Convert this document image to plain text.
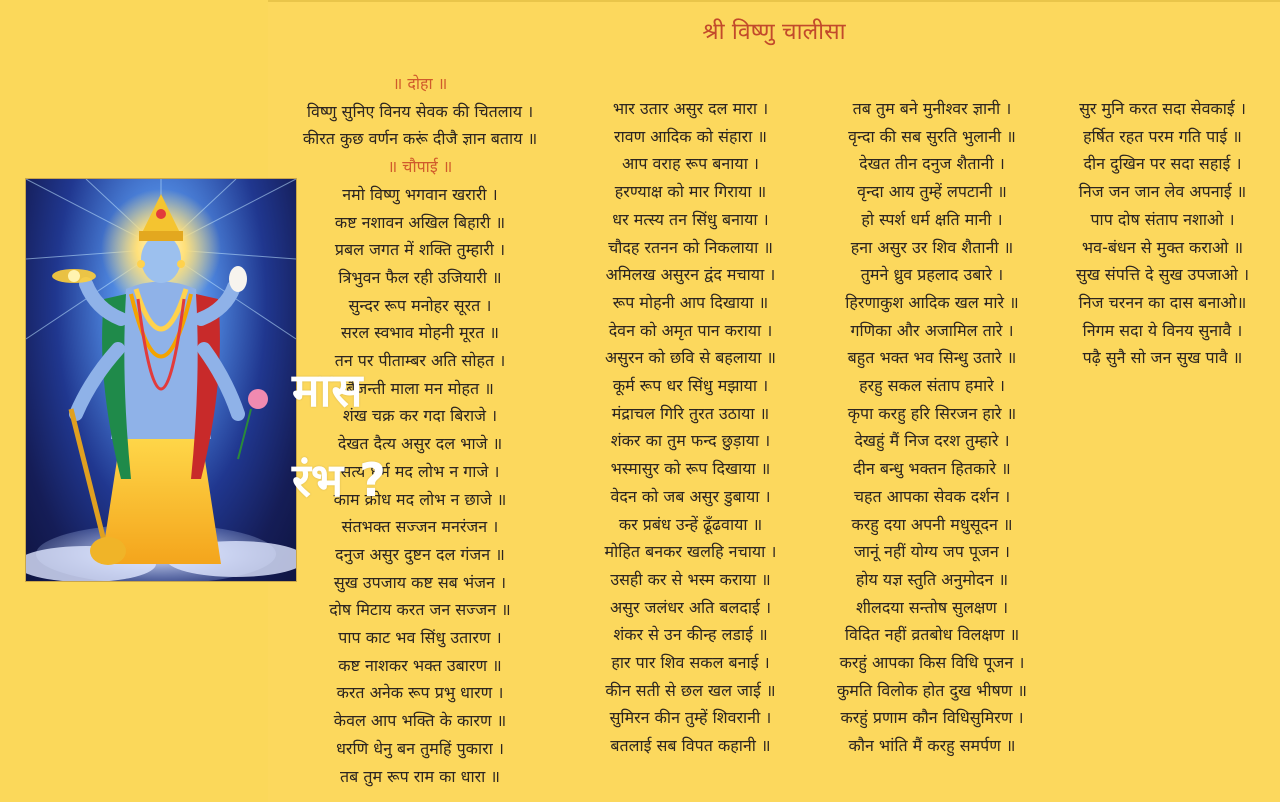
श्री विष्णु चालीसा
॥ दोहा ॥
विष्णु सुनिए विनय सेवक की चितलाय ।
कीरत कुछ वर्णन करूं दीजै ज्ञान बताय ॥
॥ चौपाई ॥
नमो विष्णु भगवान खरारी ।
कष्ट नशावन अखिल बिहारी ॥
प्रबल जगत में शक्ति तुम्हारी ।
त्रिभुवन फैल रही उजियारी ॥
सुन्दर रूप मनोहर सूरत ।
सरल स्वभाव मोहनी मूरत ॥
तन पर पीताम्बर अति सोहत ।
बैजन्ती माला मन मोहत ॥
शंख चक्र कर गदा बिराजे ।
देखत दैत्य असुर दल भाजे ॥
सत्य धर्म मद लोभ न गाजे ।
काम क्रोध मद लोभ न छाजे ॥
संतभक्त सज्जन मनरंजन ।
दनुज असुर दुष्टन दल गंजन ॥
सुख उपजाय कष्ट सब भंजन ।
दोष मिटाय करत जन सज्जन ॥
पाप काट भव सिंधु उतारण ।
कष्ट नाशकर भक्त उबारण ॥
करत अनेक रूप प्रभु धारण ।
केवल आप भक्ति के कारण ॥
धरणि धेनु बन तुमहिं पुकारा ।
तब तुम रूप राम का धारा ॥
भार उतार असुर दल मारा ।
रावण आदिक को संहारा ॥
आप वराह रूप बनाया ।
हरण्याक्ष को मार गिराया ॥
धर मत्स्य तन सिंधु बनाया ।
चौदह रतनन को निकलाया ॥
अमिलख असुरन द्वंद मचाया ।
रूप मोहनी आप दिखाया ॥
देवन को अमृत पान कराया ।
असुरन को छवि से बहलाया ॥
कूर्म रूप धर सिंधु मझाया ।
मंद्राचल गिरि तुरत उठाया ॥
शंकर का तुम फन्द छुड़ाया ।
भस्मासुर को रूप दिखाया ॥
वेदन को जब असुर डुबाया ।
कर प्रबंध उन्हें ढूँढवाया ॥
मोहित बनकर खलहि नचाया ।
उसही कर से भस्म कराया ॥
असुर जलंधर अति बलदाई ।
शंकर से उन कीन्ह लडाई ॥
हार पार शिव सकल बनाई ।
कीन सती से छल खल जाई ॥
सुमिरन कीन तुम्हें शिवरानी ।
बतलाई सब विपत कहानी ॥
तब तुम बने मुनीश्वर ज्ञानी ।
वृन्दा की सब सुरति भुलानी ॥
देखत तीन दनुज शैतानी ।
वृन्दा आय तुम्हें लपटानी ॥
हो स्पर्श धर्म क्षति मानी ।
हना असुर उर शिव शैतानी ॥
तुमने ध्रुव प्रहलाद उबारे ।
हिरणाकुश आदिक खल मारे ॥
गणिका और अजामिल तारे ।
बहुत भक्त भव सिन्धु उतारे ॥
हरहु सकल संताप हमारे ।
कृपा करहु हरि सिरजन हारे ॥
देखहुं मैं निज दरश तुम्हारे ।
दीन बन्धु भक्तन हितकारे ॥
चहत आपका सेवक दर्शन ।
करहु दया अपनी मधुसूदन ॥
जानूं नहीं योग्य जप पूजन ।
होय यज्ञ स्तुति अनुमोदन ॥
शीलदया सन्तोष सुलक्षण ।
विदित नहीं व्रतबोध विलक्षण ॥
करहुं आपका किस विधि पूजन ।
कुमति विलोक होत दुख भीषण ॥
करहुं प्रणाम कौन विधिसुमिरण ।
कौन भांति मैं करहु समर्पण ॥
सुर मुनि करत सदा सेवकाई ।
हर्षित रहत परम गति पाई ॥
दीन दुखिन पर सदा सहाई ।
निज जन जान लेव अपनाई ॥
पाप दोष संताप नशाओ ।
भव-बंधन से मुक्त कराओ ॥
सुख संपत्ति दे सुख उपजाओ ।
निज चरनन का दास बनाओ॥
निगम सदा ये विनय सुनावै ।
पढ़ै सुनै सो जन सुख पावै ॥
मास
रंभ ?
